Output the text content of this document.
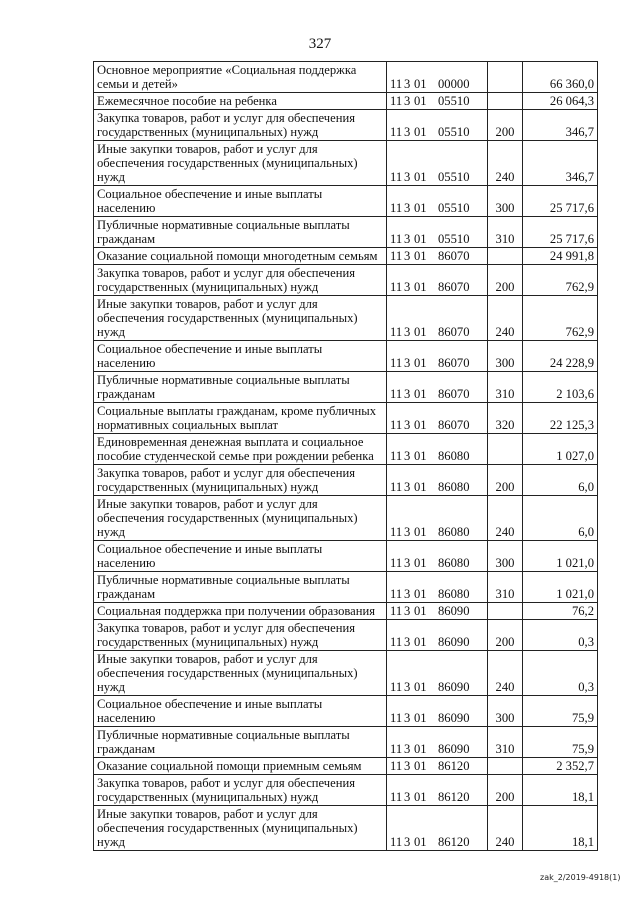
327
Основное мероприятие «Социальная поддержка семьи и детей»	11 3 01 00000		66 360,0
Ежемесячное пособие на ребенка	11 3 01 05510		26 064,3
Закупка товаров, работ и услуг для обеспечения государственных (муниципальных) нужд	11 3 01 05510	200	346,7
Иные закупки товаров, работ и услуг для обеспечения государственных (муниципальных) нужд	11 3 01 05510	240	346,7
Социальное обеспечение и иные выплаты населению	11 3 01 05510	300	25 717,6
Публичные нормативные социальные выплаты гражданам	11 3 01 05510	310	25 717,6
Оказание социальной помощи многодетным семьям	11 3 01 86070		24 991,8
Закупка товаров, работ и услуг для обеспечения государственных (муниципальных) нужд	11 3 01 86070	200	762,9
Иные закупки товаров, работ и услуг для обеспечения государственных (муниципальных) нужд	11 3 01 86070	240	762,9
Социальное обеспечение и иные выплаты населению	11 3 01 86070	300	24 228,9
Публичные нормативные социальные выплаты гражданам	11 3 01 86070	310	2 103,6
Социальные выплаты гражданам, кроме публичных нормативных социальных выплат	11 3 01 86070	320	22 125,3
Единовременная денежная выплата и социальное пособие студенческой семье при рождении ребенка	11 3 01 86080		1 027,0
Закупка товаров, работ и услуг для обеспечения государственных (муниципальных) нужд	11 3 01 86080	200	6,0
Иные закупки товаров, работ и услуг для обеспечения государственных (муниципальных) нужд	11 3 01 86080	240	6,0
Социальное обеспечение и иные выплаты населению	11 3 01 86080	300	1 021,0
Публичные нормативные социальные выплаты гражданам	11 3 01 86080	310	1 021,0
Социальная поддержка при получении образования	11 3 01 86090		76,2
Закупка товаров, работ и услуг для обеспечения государственных (муниципальных) нужд	11 3 01 86090	200	0,3
Иные закупки товаров, работ и услуг для обеспечения государственных (муниципальных) нужд	11 3 01 86090	240	0,3
Социальное обеспечение и иные выплаты населению	11 3 01 86090	300	75,9
Публичные нормативные социальные выплаты гражданам	11 3 01 86090	310	75,9
Оказание социальной помощи приемным семьям	11 3 01 86120		2 352,7
Закупка товаров, работ и услуг для обеспечения государственных (муниципальных) нужд	11 3 01 86120	200	18,1
Иные закупки товаров, работ и услуг для обеспечения государственных (муниципальных) нужд	11 3 01 86120	240	18,1
zak_2/2019-4918(1)
